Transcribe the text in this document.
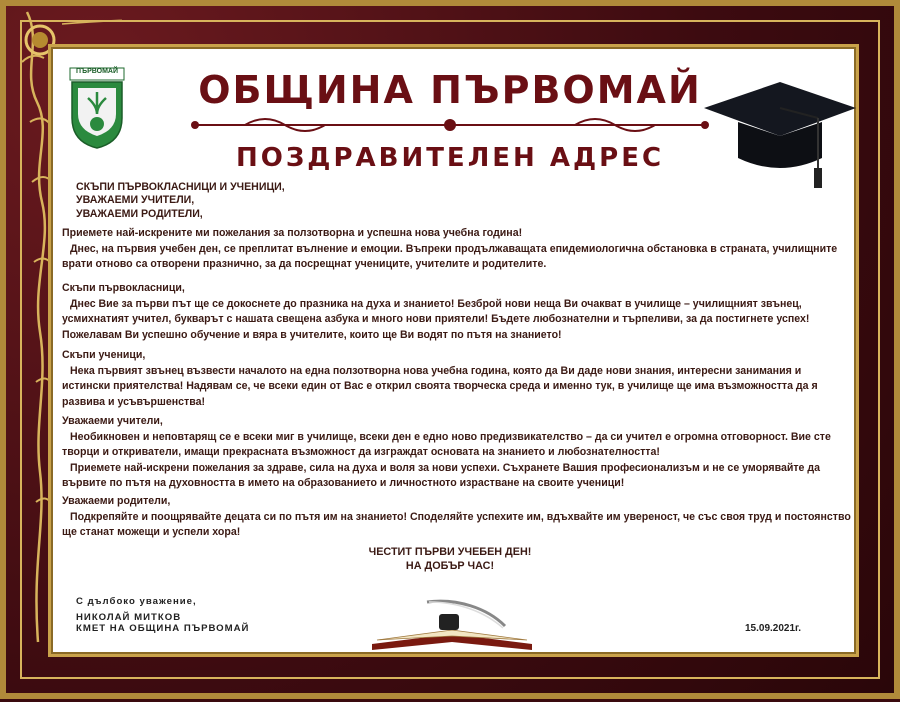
ПЪРВОМАЙ	ОБЩИНА ПЪРВОМАЙ
ПОЗДРАВИТЕЛЕН АДРЕС
СКЪПИ ПЪРВОКЛАСНИЦИ И УЧЕНИЦИ,
УВАЖАЕМИ УЧИТЕЛИ,
УВАЖАЕМИ РОДИТЕЛИ,

Приемете най-искрените ми пожелания за ползотворна и успешна нова учебна година!

Днес, на първия учебен ден, се преплитат вълнение и емоции. Въпреки продължаващата епидемиологична обстановка в страната, училищните врати отново са отворени празнично, за да посрещнат учениците, учителите и родителите.

Скъпи първокласници,

Днес Вие за първи път ще се докоснете до празника на духа и знанието! Безброй нови неща Ви очакват в училище – училищният звънец, усмихнатият учител, букварът с нашата свещена азбука и много нови приятели! Бъдете любознателни и търпеливи, за да постигнете успех!

Пожелавам Ви успешно обучение и вяра в учителите, които ще Ви водят по пътя на знанието!

Скъпи ученици,

Нека първият звънец възвести началото на една ползотворна нова учебна година, която да Ви даде нови знания, интересни занимания и истински приятелства! Надявам се, че всеки един от Вас е открил своята творческа среда и именно тук, в училище ще има възможността да я развива и усъвършенства!

Уважаеми учители,

Необикновен и неповтарящ се е всеки миг в училище, всеки ден е едно ново предизвикателство – да си учител е огромна отговорност. Вие сте творци и откриватели, имащи прекрасната възможност да изграждат основата на знанието и любознателността!

Приемете най-искрени пожелания за здраве, сила на духа и воля за нови успехи. Съхранете Вашия професионализъм и не се уморявайте да вървите по пътя на духовността в името на образованието и личностното израстване на своите ученици!

Уважаеми родители,

Подкрепяйте и поощрявайте децата си по пътя им на знанието! Споделяйте успехите им, вдъхвайте им увереност, че със своя труд и постоянство ще станат можещи и успели хора!

ЧЕСТИТ ПЪРВИ УЧЕБЕН ДЕН!
НА ДОБЪР ЧАС!
С дълбоко уважение,
НИКОЛАЙ МИТКОВ
КМЕТ НА ОБЩИНА ПЪРВОМАЙ	15.09.2021г.
